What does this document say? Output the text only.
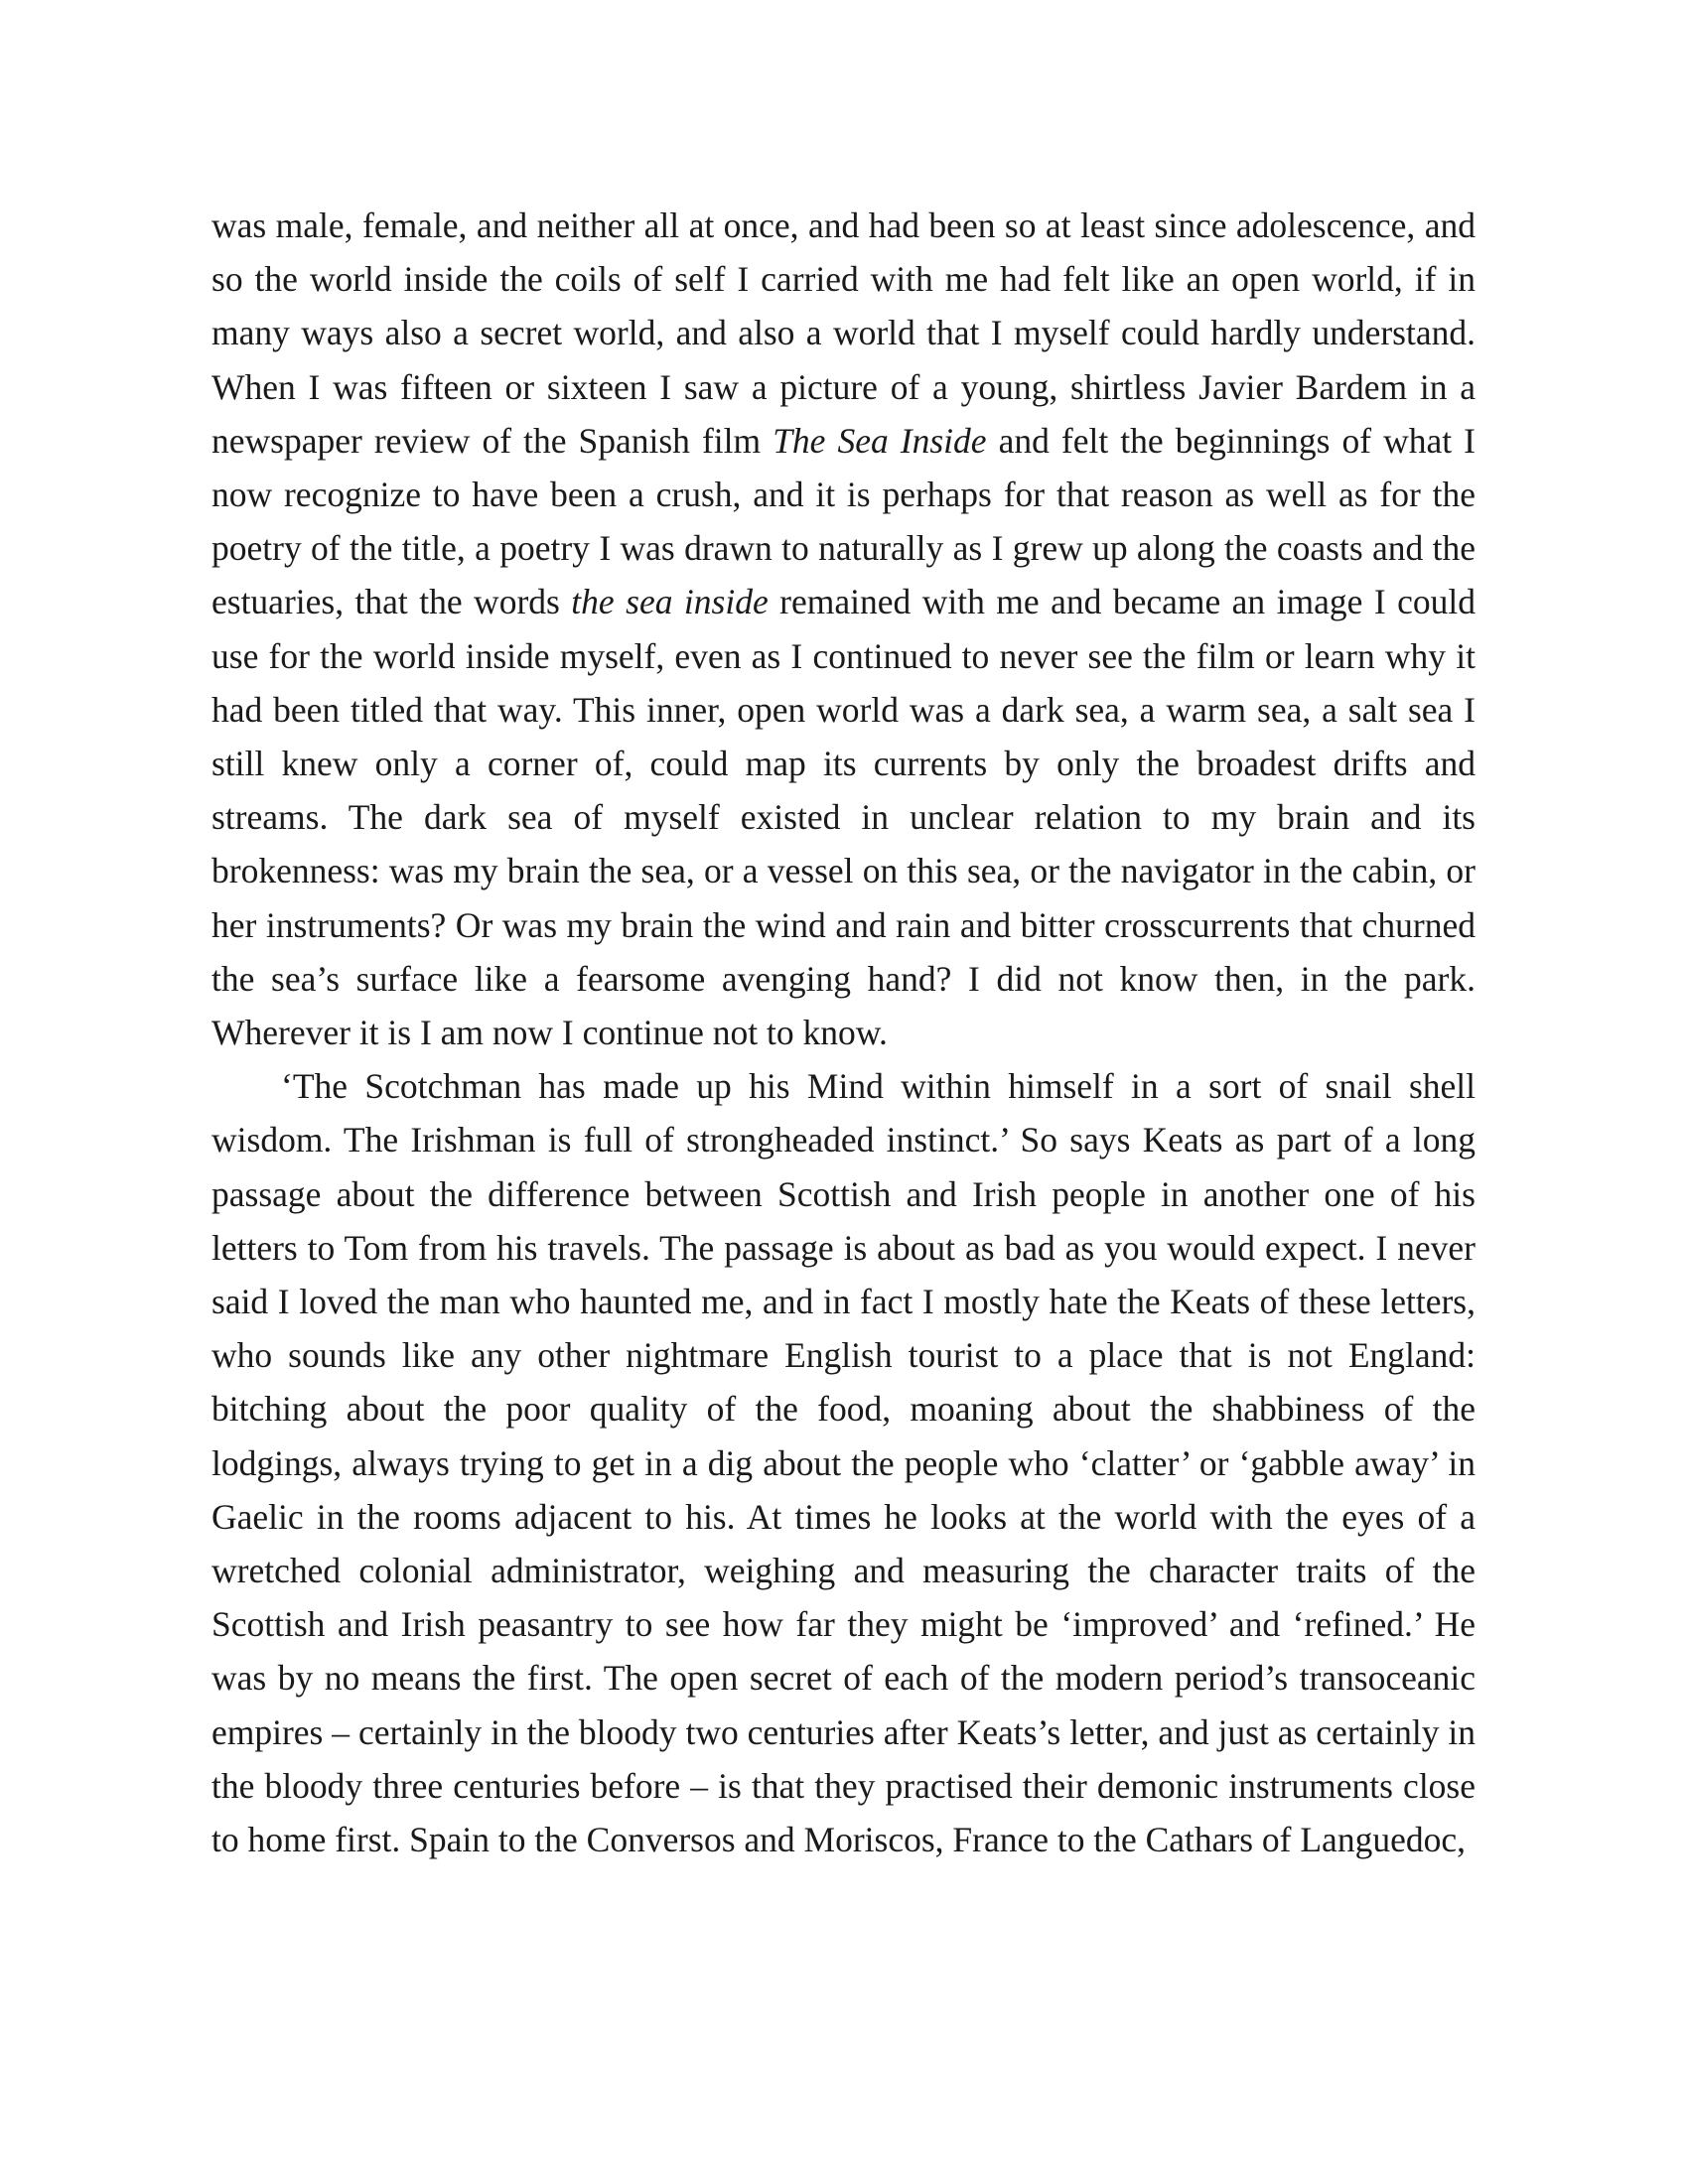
was male, female, and neither all at once, and had been so at least since adolescence, and so the world inside the coils of self I carried with me had felt like an open world, if in many ways also a secret world, and also a world that I myself could hardly understand. When I was fifteen or sixteen I saw a picture of a young, shirtless Javier Bardem in a newspaper review of the Spanish film The Sea Inside and felt the beginnings of what I now recognize to have been a crush, and it is perhaps for that reason as well as for the poetry of the title, a poetry I was drawn to naturally as I grew up along the coasts and the estuaries, that the words the sea inside remained with me and became an image I could use for the world inside myself, even as I continued to never see the film or learn why it had been titled that way. This inner, open world was a dark sea, a warm sea, a salt sea I still knew only a corner of, could map its currents by only the broadest drifts and streams. The dark sea of myself existed in unclear relation to my brain and its brokenness: was my brain the sea, or a vessel on this sea, or the navigator in the cabin, or her instruments? Or was my brain the wind and rain and bitter crosscurrents that churned the sea’s surface like a fearsome avenging hand? I did not know then, in the park. Wherever it is I am now I continue not to know.

‘The Scotchman has made up his Mind within himself in a sort of snail shell wisdom. The Irishman is full of strongheaded instinct.’ So says Keats as part of a long passage about the difference between Scottish and Irish people in another one of his letters to Tom from his travels. The passage is about as bad as you would expect. I never said I loved the man who haunted me, and in fact I mostly hate the Keats of these letters, who sounds like any other nightmare English tourist to a place that is not England: bitching about the poor quality of the food, moaning about the shabbiness of the lodgings, always trying to get in a dig about the people who ‘clatter’ or ‘gabble away’ in Gaelic in the rooms adjacent to his. At times he looks at the world with the eyes of a wretched colonial administrator, weighing and measuring the character traits of the Scottish and Irish peasantry to see how far they might be ‘improved’ and ‘refined.’ He was by no means the first. The open secret of each of the modern period’s transoceanic empires – certainly in the bloody two centuries after Keats’s letter, and just as certainly in the bloody three centuries before – is that they practised their demonic instruments close to home first. Spain to the Conversos and Moriscos, France to the Cathars of Languedoc,
